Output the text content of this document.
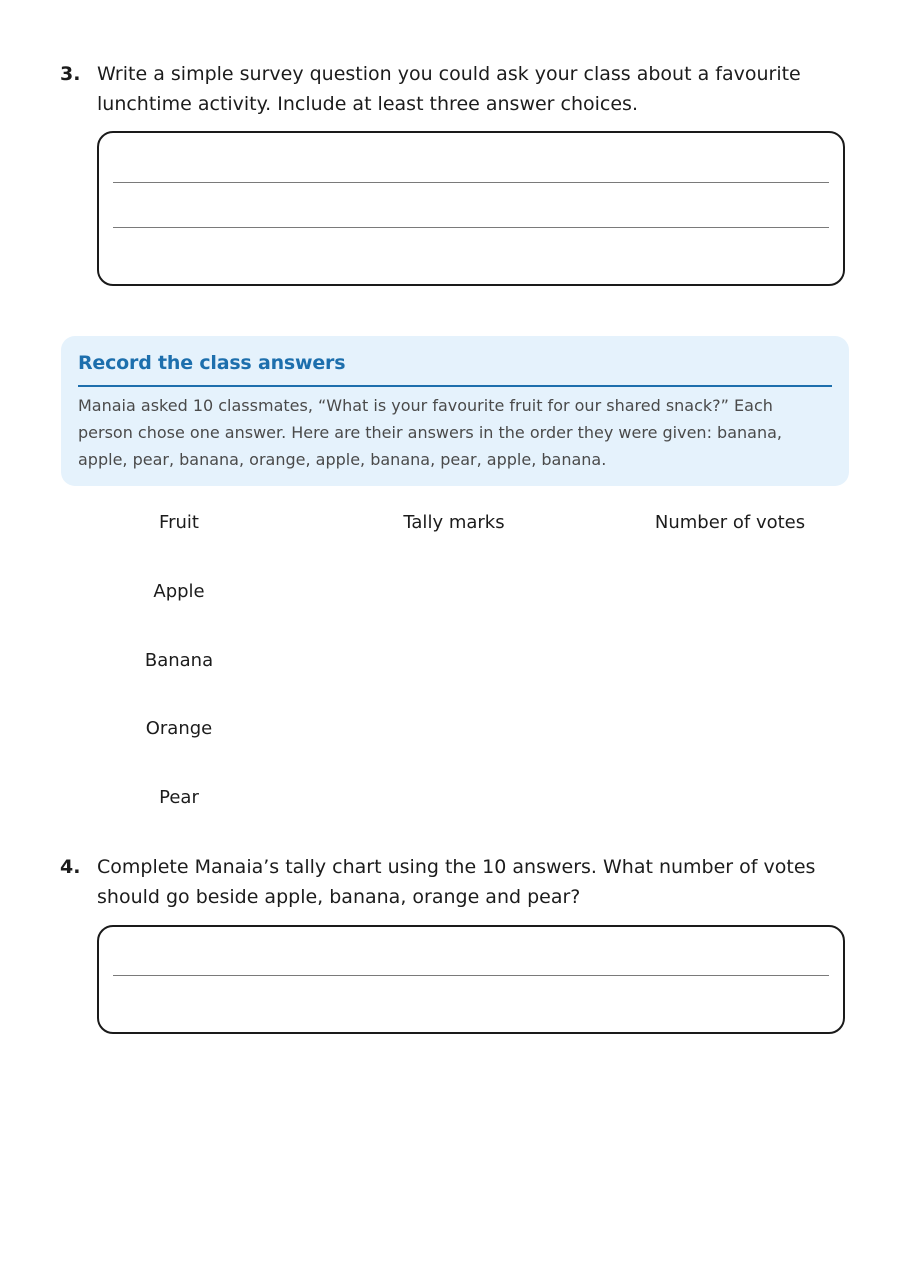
3. Write a simple survey question you could ask your class about a favourite lunchtime activity. Include at least three answer choices.
Record the class answers
Manaia asked 10 classmates, “What is your favourite fruit for our shared snack?” Each person chose one answer. Here are their answers in the order they were given: banana, apple, pear, banana, orange, apple, banana, pear, apple, banana.
Fruit	Tally marks	Number of votes
Apple
Banana
Orange
Pear
4. Complete Manaia’s tally chart using the 10 answers. What number of votes should go beside apple, banana, orange and pear?
